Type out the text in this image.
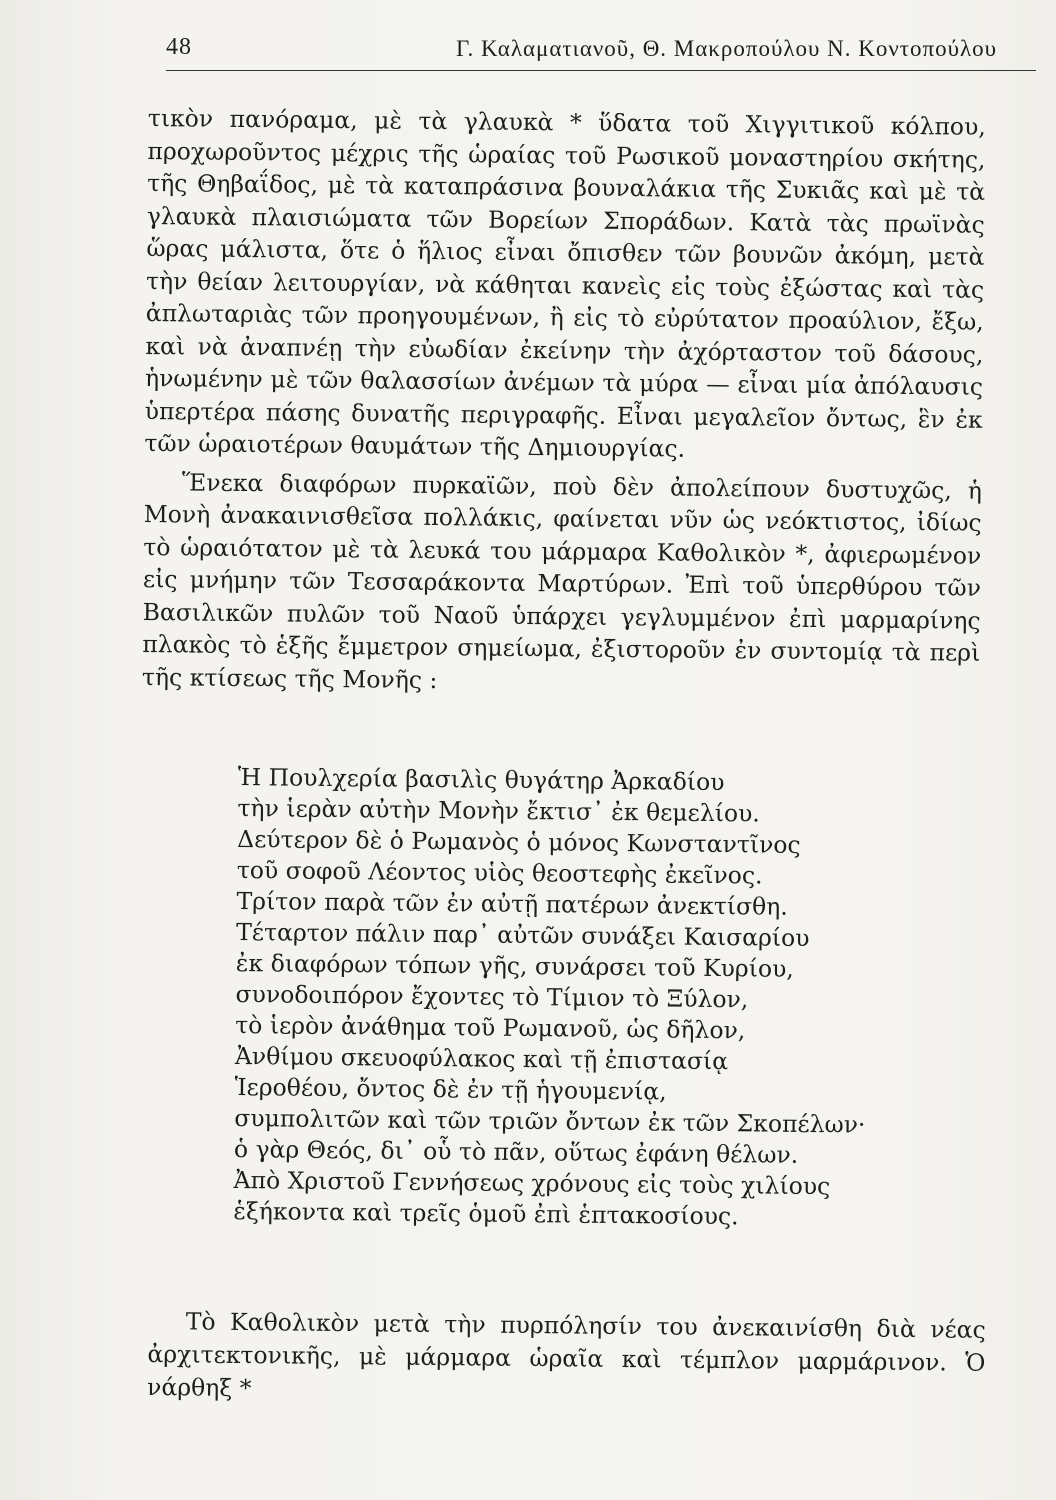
48	Γ. Καλαματιανοῦ, Θ. Μακροπούλου Ν. Κοντοπούλου

τικὸν πανόραμα, μὲ τὰ γλαυκὰ * ὕδατα τοῦ Χιγγιτικοῦ κόλπου, προχωροῦντος μέχρις τῆς ὡραίας τοῦ Ρωσικοῦ μοναστηρίου σκήτης, τῆς Θηβαΐδος, μὲ τὰ καταπράσινα βουναλάκια τῆς Συκιᾶς καὶ μὲ τὰ γλαυκὰ πλαισιώματα τῶν Βορείων Σποράδων. Κατὰ τὰς πρωϊνὰς ὥρας μάλιστα, ὅτε ὁ ἥλιος εἶναι ὄπισθεν τῶν βουνῶν ἀκόμη, μετὰ τὴν θείαν λειτουργίαν, νὰ κάθηται κανεὶς εἰς τοὺς ἐξώστας καὶ τὰς ἀπλωταριὰς τῶν προηγουμένων, ἢ εἰς τὸ εὐρύτατον προαύλιον, ἔξω, καὶ νὰ ἀναπνέῃ τὴν εὐωδίαν ἐκείνην τὴν ἀχόρταστον τοῦ δάσους, ἡνωμένην μὲ τῶν θαλασσίων ἀνέμων τὰ μύρα — εἶναι μία ἀπόλαυσις ὑπερτέρα πάσης δυνατῆς περιγραφῆς. Εἶναι μεγαλεῖον ὄντως, ἓν ἐκ τῶν ὡραιοτέρων θαυμάτων τῆς Δημιουργίας.

Ἕνεκα διαφόρων πυρκαϊῶν, ποὺ δὲν ἀπολείπουν δυστυχῶς, ἡ Μονὴ ἀνακαινισθεῖσα πολλάκις, φαίνεται νῦν ὡς νεόκτιστος, ἰδίως τὸ ὡραιότατον μὲ τὰ λευκά του μάρμαρα Καθολικὸν *, ἀφιερωμένον εἰς μνήμην τῶν Τεσσαράκοντα Μαρτύρων. Ἐπὶ τοῦ ὑπερθύρου τῶν Βασιλικῶν πυλῶν τοῦ Ναοῦ ὑπάρχει γεγλυμμένον ἐπὶ μαρμαρίνης πλακὸς τὸ ἑξῆς ἔμμετρον σημείωμα, ἐξιστοροῦν ἐν συντομίᾳ τὰ περὶ τῆς κτίσεως τῆς Μονῆς :

Ἡ Πουλχερία βασιλὶς θυγάτηρ Ἀρκαδίου
τὴν ἱερὰν αὐτὴν Μονὴν ἔκτισ᾽ ἐκ θεμελίου.
Δεύτερον δὲ ὁ Ρωμανὸς ὁ μόνος Κωνσταντῖνος
τοῦ σοφοῦ Λέοντος υἱὸς θεοστεφὴς ἐκεῖνος.
Τρίτον παρὰ τῶν ἐν αὐτῇ πατέρων ἀνεκτίσθη.
Τέταρτον πάλιν παρ᾽ αὐτῶν συνάξει Καισαρίου
ἐκ διαφόρων τόπων γῆς, συνάρσει τοῦ Κυρίου,
συνοδοιπόρον ἔχοντες τὸ Τίμιον τὸ Ξύλον,
τὸ ἱερὸν ἀνάθημα τοῦ Ρωμανοῦ, ὡς δῆλον,
Ἀνθίμου σκευοφύλακος καὶ τῇ ἐπιστασίᾳ
Ἱεροθέου, ὄντος δὲ ἐν τῇ ἡγουμενίᾳ,
συμπολιτῶν καὶ τῶν τριῶν ὄντων ἐκ τῶν Σκοπέλων·
ὁ γὰρ Θεός, δι᾽ οὗ τὸ πᾶν, οὕτως ἐφάνη θέλων.
Ἀπὸ Χριστοῦ Γεννήσεως χρόνους εἰς τοὺς χιλίους
ἑξήκοντα καὶ τρεῖς ὁμοῦ ἐπὶ ἑπτακοσίους.

Τὸ Καθολικὸν μετὰ τὴν πυρπόλησίν του ἀνεκαινίσθη διὰ νέας ἀρχιτεκτονικῆς, μὲ μάρμαρα ὡραῖα καὶ τέμπλον μαρμάρινον. Ὁ νάρθηξ *
